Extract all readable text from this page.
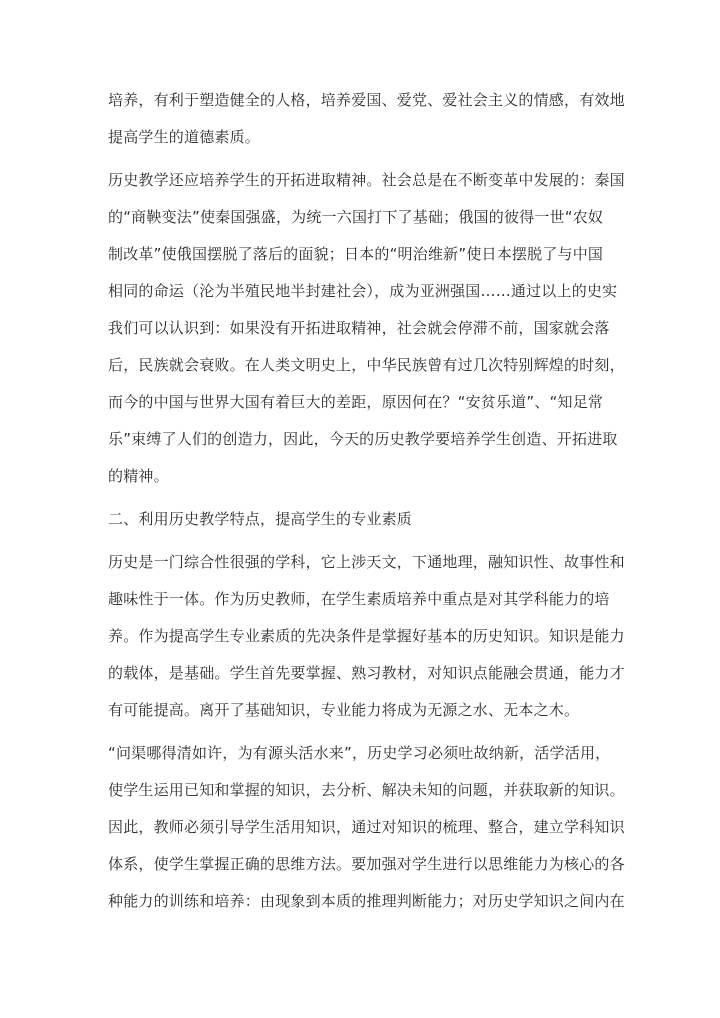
培养，有利于塑造健全的人格，培养爱国、爱党、爱社会主义的情感，有效地
提高学生的道德素质。
历史教学还应培养学生的开拓进取精神。社会总是在不断变革中发展的：秦国
的“商鞅变法”使秦国强盛，为统一六国打下了基础；俄国的彼得一世“农奴
制改革”使俄国摆脱了落后的面貌；日本的“明治维新”使日本摆脱了与中国
相同的命运（沦为半殖民地半封建社会），成为亚洲强国……通过以上的史实
我们可以认识到：如果没有开拓进取精神，社会就会停滞不前，国家就会落
后，民族就会衰败。在人类文明史上，中华民族曾有过几次特别辉煌的时刻，
而今的中国与世界大国有着巨大的差距，原因何在？“安贫乐道”、“知足常
乐”束缚了人们的创造力，因此，今天的历史教学要培养学生创造、开拓进取
的精神。
二、利用历史教学特点，提高学生的专业素质
历史是一门综合性很强的学科，它上涉天文，下通地理，融知识性、故事性和
趣味性于一体。作为历史教师，在学生素质培养中重点是对其学科能力的培
养。作为提高学生专业素质的先决条件是掌握好基本的历史知识。知识是能力
的载体，是基础。学生首先要掌握、熟习教材，对知识点能融会贯通，能力才
有可能提高。离开了基础知识，专业能力将成为无源之水、无本之木。
“问渠哪得清如许，为有源头活水来”，历史学习必须吐故纳新，活学活用，
使学生运用已知和掌握的知识，去分析、解决未知的问题，并获取新的知识。
因此，教师必须引导学生活用知识，通过对知识的梳理、整合，建立学科知识
体系，使学生掌握正确的思维方法。要加强对学生进行以思维能力为核心的各
种能力的训练和培养：由现象到本质的推理判断能力；对历史学知识之间内在
